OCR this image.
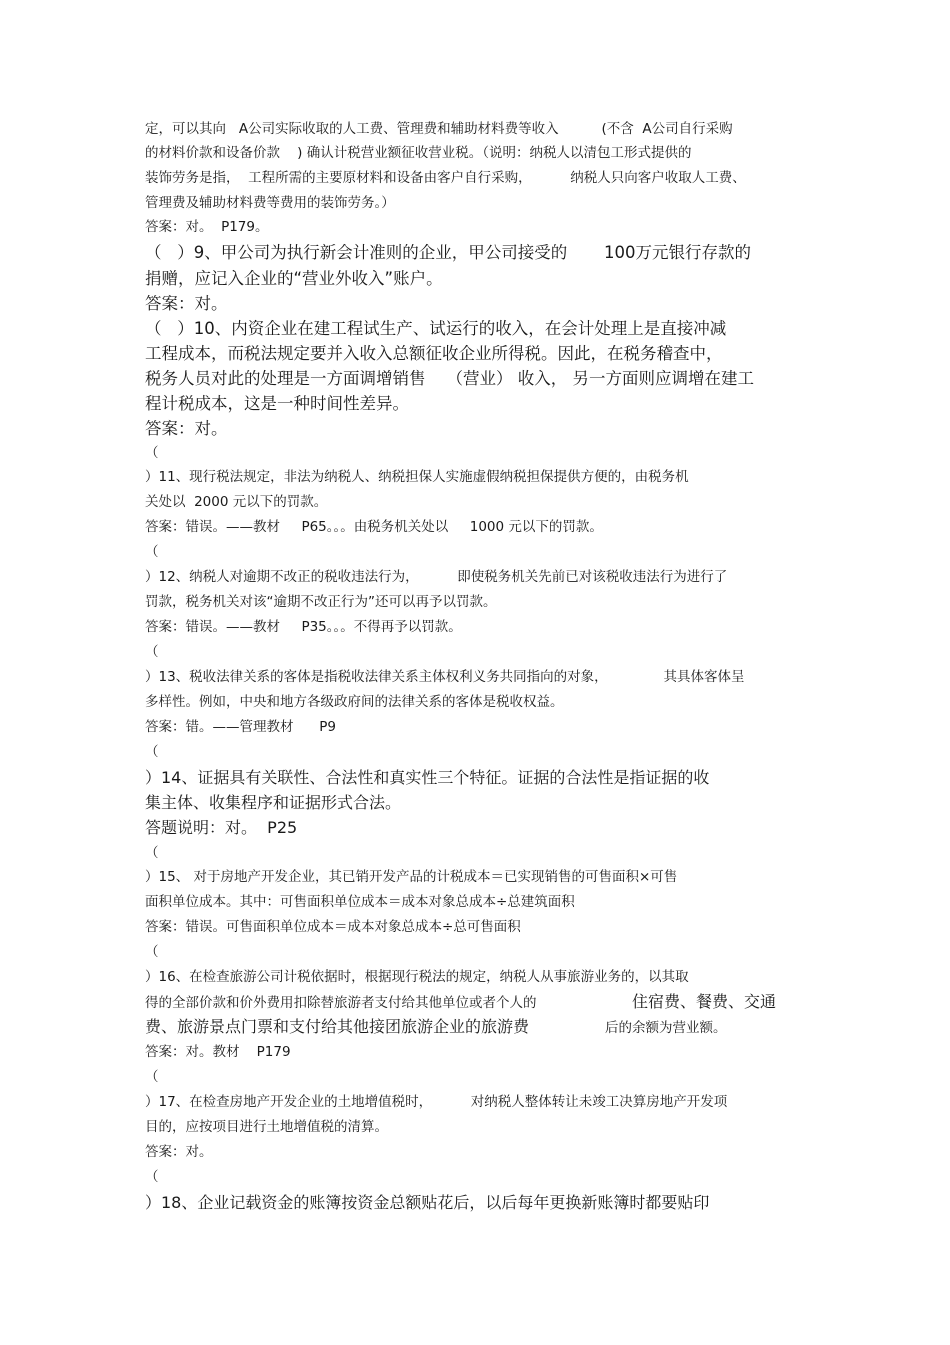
定，可以其向   A公司实际收取的人工费、管理费和辅助材料费等收入          (不含  A公司自行采购
的材料价款和设备价款    ) 确认计税营业额征收营业税。（说明：纳税人以清包工形式提供的
装饰劳务是指，  工程所需的主要原材料和设备由客户自行采购，         纳税人只向客户收取人工费、
管理费及辅助材料费等费用的装饰劳务。）
答案：对。  P179。
（   ）9、甲公司为执行新会计准则的企业，甲公司接受的       100万元银行存款的
捐赠，应记入企业的“营业外收入”账户。
答案：对。
（   ）10、内资企业在建工程试生产、试运行的收入，在会计处理上是直接冲减
工程成本，而税法规定要并入收入总额征收企业所得税。因此，在税务稽查中，
税务人员对此的处理是一方面调增销售    （营业） 收入， 另一方面则应调增在建工
程计税成本，这是一种时间性差异。
答案：对。
（
）11、现行税法规定，非法为纳税人、纳税担保人实施虚假纳税担保提供方便的，由税务机
关处以  2000 元以下的罚款。
答案：错误。——教材     P65。。。由税务机关处以     1000 元以下的罚款。
（
）12、纳税人对逾期不改正的税收违法行为，         即使税务机关先前已对该税收违法行为进行了
罚款，税务机关对该“逾期不改正行为”还可以再予以罚款。
答案：错误。——教材     P35。。。不得再予以罚款。
（
）13、税收法律关系的客体是指税收法律关系主体权利义务共同指向的对象，             其具体客体呈
多样性。例如，中央和地方各级政府间的法律关系的客体是税收权益。
答案：错。——管理教材      P9
（
）14、证据具有关联性、合法性和真实性三个特征。证据的合法性是指证据的收
集主体、收集程序和证据形式合法。
答题说明：对。  P25
（
）15、 对于房地产开发企业，其已销开发产品的计税成本＝已实现销售的可售面积×可售
面积单位成本。其中：可售面积单位成本＝成本对象总成本÷总建筑面积
答案：错误。可售面积单位成本＝成本对象总成本÷总可售面积
（
）16、在检查旅游公司计税依据时，根据现行税法的规定，纳税人从事旅游业务的，以其取
得的全部价款和价外费用扣除替旅游者支付给其他单位或者个人的	住宿费、餐费、交通
费、旅游景点门票和支付给其他接团旅游企业的旅游费	后的余额为营业额。
答案：对。教材    P179
（
）17、在检查房地产开发企业的土地增值税时，         对纳税人整体转让未竣工决算房地产开发项
目的，应按项目进行土地增值税的清算。
答案：对。
（
）18、企业记载资金的账簿按资金总额贴花后，以后每年更换新账簿时都要贴印
